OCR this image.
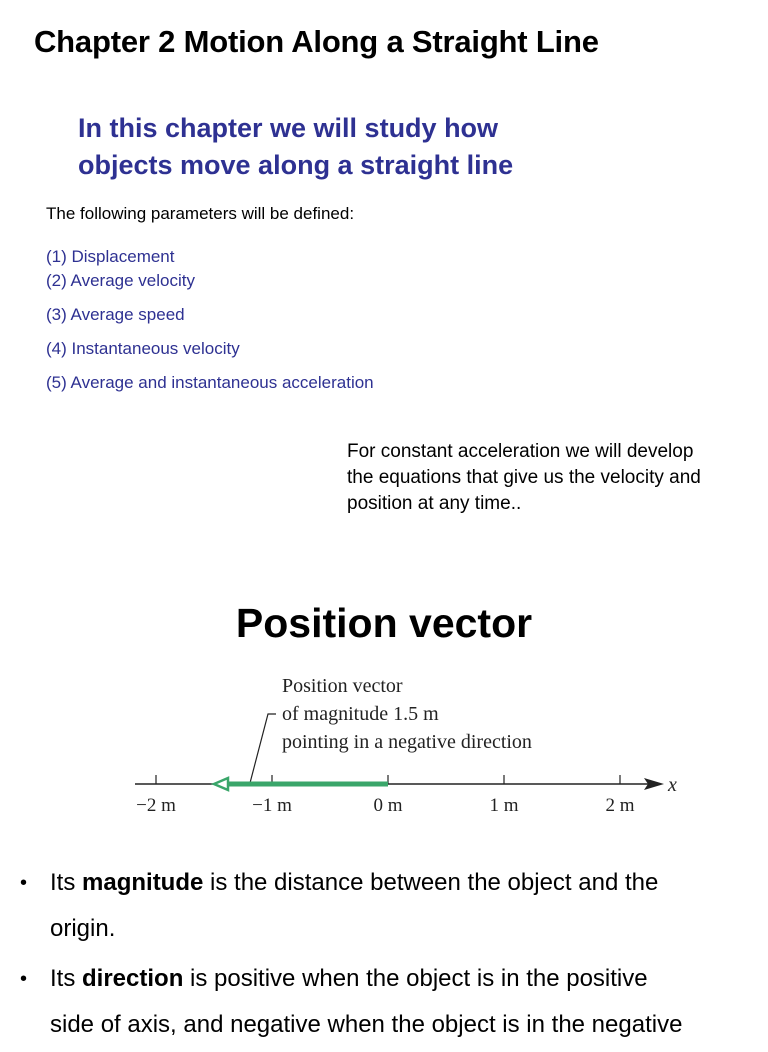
Chapter 2 Motion Along a Straight Line
In this chapter we will study how
objects move along a straight line
The following parameters will be defined:
(1) Displacement
(2) Average velocity
(3) Average speed
(4) Instantaneous velocity
(5) Average and instantaneous acceleration
For constant acceleration we will develop the equations that give us the velocity and position at any time..
Position vector
Position vector
of magnitude 1.5 m
pointing in a negative direction
x
−2 m	−1 m	0 m	1 m	2 m
• Its magnitude is the distance between the object and the
origin.
• Its direction is positive when the object is in the positive
side of axis, and negative when the object is in the negative
